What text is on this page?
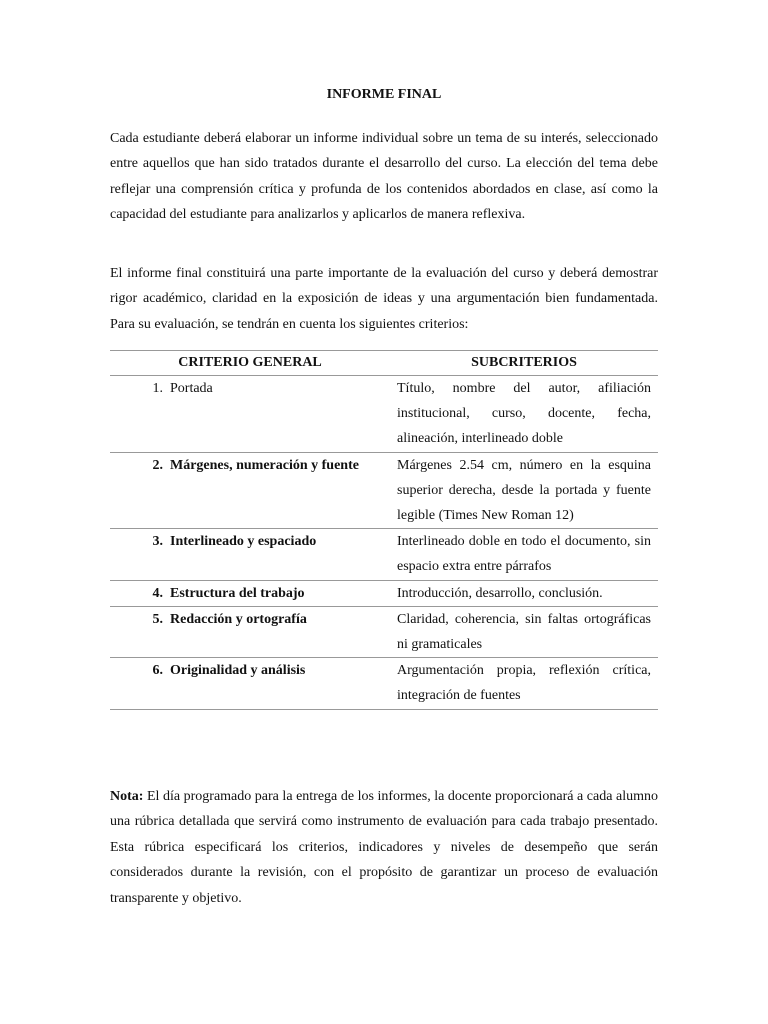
INFORME FINAL

Cada estudiante deberá elaborar un informe individual sobre un tema de su interés, seleccionado entre aquellos que han sido tratados durante el desarrollo del curso. La elección del tema debe reflejar una comprensión crítica y profunda de los contenidos abordados en clase, así como la capacidad del estudiante para analizarlos y aplicarlos de manera reflexiva.

El informe final constituirá una parte importante de la evaluación del curso y deberá demostrar rigor académico, claridad en la exposición de ideas y una argumentación bien fundamentada. Para su evaluación, se tendrán en cuenta los siguientes criterios:

CRITERIO GENERAL	SUBCRITERIOS

1. Portada	Título, nombre del autor, afiliación institucional, curso, docente, fecha, alineación, interlineado doble

2. Márgenes, numeración y fuente	Márgenes 2.54 cm, número en la esquina superior derecha, desde la portada y fuente legible (Times New Roman 12)

3. Interlineado y espaciado	Interlineado doble en todo el documento, sin espacio extra entre párrafos

4. Estructura del trabajo	Introducción, desarrollo, conclusión.

5. Redacción y ortografía	Claridad, coherencia, sin faltas ortográficas ni gramaticales

6. Originalidad y análisis	Argumentación propia, reflexión crítica, integración de fuentes

Nota: El día programado para la entrega de los informes, la docente proporcionará a cada alumno una rúbrica detallada que servirá como instrumento de evaluación para cada trabajo presentado. Esta rúbrica especificará los criterios, indicadores y niveles de desempeño que serán considerados durante la revisión, con el propósito de garantizar un proceso de evaluación transparente y objetivo.
